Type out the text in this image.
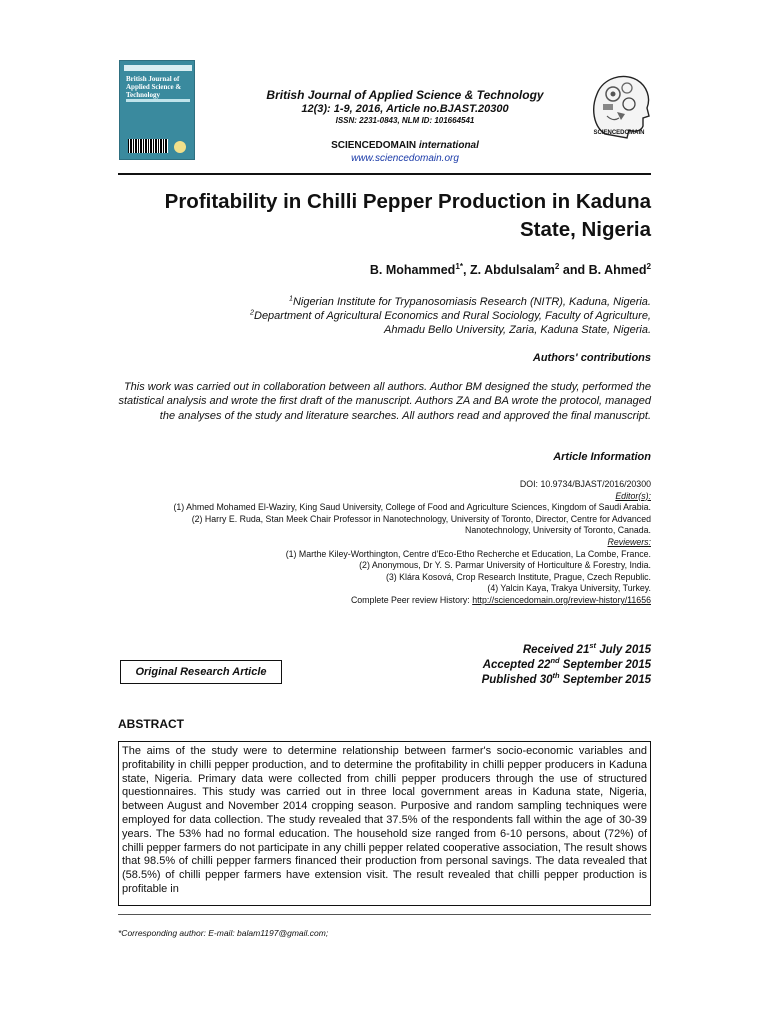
British Journal of Applied Science & Technology	British Journal of Applied Science & Technology
12(3): 1-9, 2016, Article no.BJAST.20300
ISSN: 2231-0843, NLM ID: 101664541
SCIENCEDOMAIN international
www.sciencedomain.org
SCIENCEDOMAIN
Profitability in Chilli Pepper Production in Kaduna State, Nigeria
B. Mohammed$^{1*}$, Z. Abdulsalam$^2$ and B. Ahmed$^2$
$^1$Nigerian Institute for Trypanosomiasis Research (NITR), Kaduna, Nigeria.
$^2$Department of Agricultural Economics and Rural Sociology, Faculty of Agriculture,
Ahmadu Bello University, Zaria, Kaduna State, Nigeria.
Authors' contributions
This work was carried out in collaboration between all authors. Author BM designed the study, performed the statistical analysis and wrote the first draft of the manuscript. Authors ZA and BA wrote the protocol, managed the analyses of the study and literature searches. All authors read and approved the final manuscript.
Article Information
DOI: 10.9734/BJAST/2016/20300
Editor(s):
(1) Ahmed Mohamed El-Waziry, King Saud University, College of Food and Agriculture Sciences, Kingdom of Saudi Arabia.
(2) Harry E. Ruda, Stan Meek Chair Professor in Nanotechnology, University of Toronto, Director, Centre for Advanced
Nanotechnology, University of Toronto, Canada.
Reviewers:
(1) Marthe Kiley-Worthington, Centre d'Eco-Etho Recherche et Education, La Combe, France.
(2) Anonymous, Dr Y. S. Parmar University of Horticulture & Forestry, India.
(3) Klára Kosová, Crop Research Institute, Prague, Czech Republic.
(4) Yalcin Kaya, Trakya University, Turkey.
Complete Peer review History: http://sciencedomain.org/review-history/11656
Original Research Article
Received 21st July 2015
Accepted 22nd September 2015
Published 30th September 2015
ABSTRACT
The aims of the study were to determine relationship between farmer's socio-economic variables and profitability in chilli pepper production, and to determine the profitability in chilli pepper producers in Kaduna state, Nigeria. Primary data were collected from chilli pepper producers through the use of structured questionnaires. This study was carried out in three local government areas in Kaduna state, Nigeria, between August and November 2014 cropping season. Purposive and random sampling techniques were employed for data collection. The study revealed that 37.5% of the respondents fall within the age of 30-39 years. The 53% had no formal education. The household size ranged from 6-10 persons, about (72%) of chilli pepper farmers do not participate in any chilli pepper related cooperative association, The result shows that 98.5% of chilli pepper farmers financed their production from personal savings. The data revealed that (58.5%) of chilli pepper farmers have extension visit. The result revealed that chilli pepper production is profitable in
*Corresponding author: E-mail: balam1197@gmail.com;
